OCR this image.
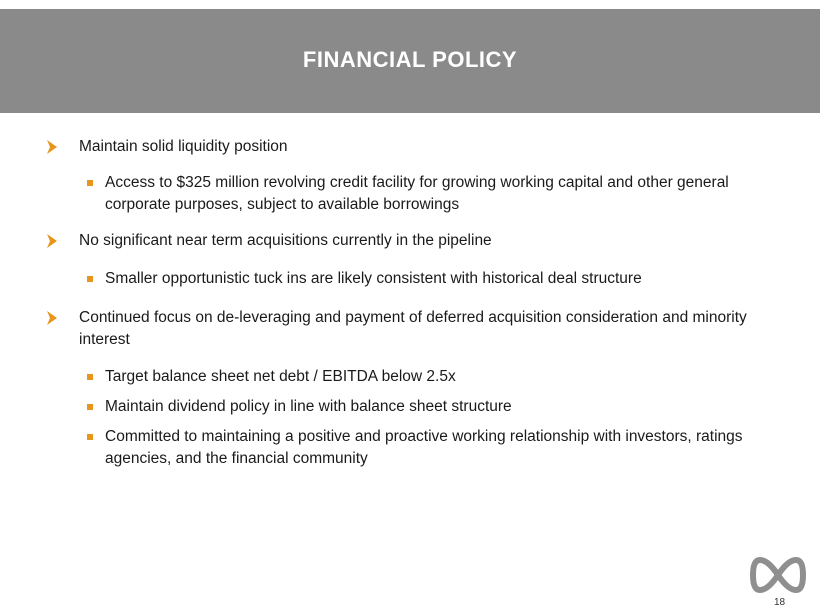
FINANCIAL POLICY
Maintain solid liquidity position
Access to $325 million revolving credit facility for growing working capital and other general corporate purposes, subject to available borrowings
No significant near term acquisitions currently in the pipeline
Smaller opportunistic tuck ins are likely consistent with historical deal structure
Continued focus on de-leveraging and payment of deferred acquisition consideration and minority interest
Target balance sheet net debt / EBITDA below 2.5x
Maintain dividend policy in line with balance sheet structure
Committed to maintaining a positive and proactive working relationship with investors, ratings agencies, and the financial community
18
